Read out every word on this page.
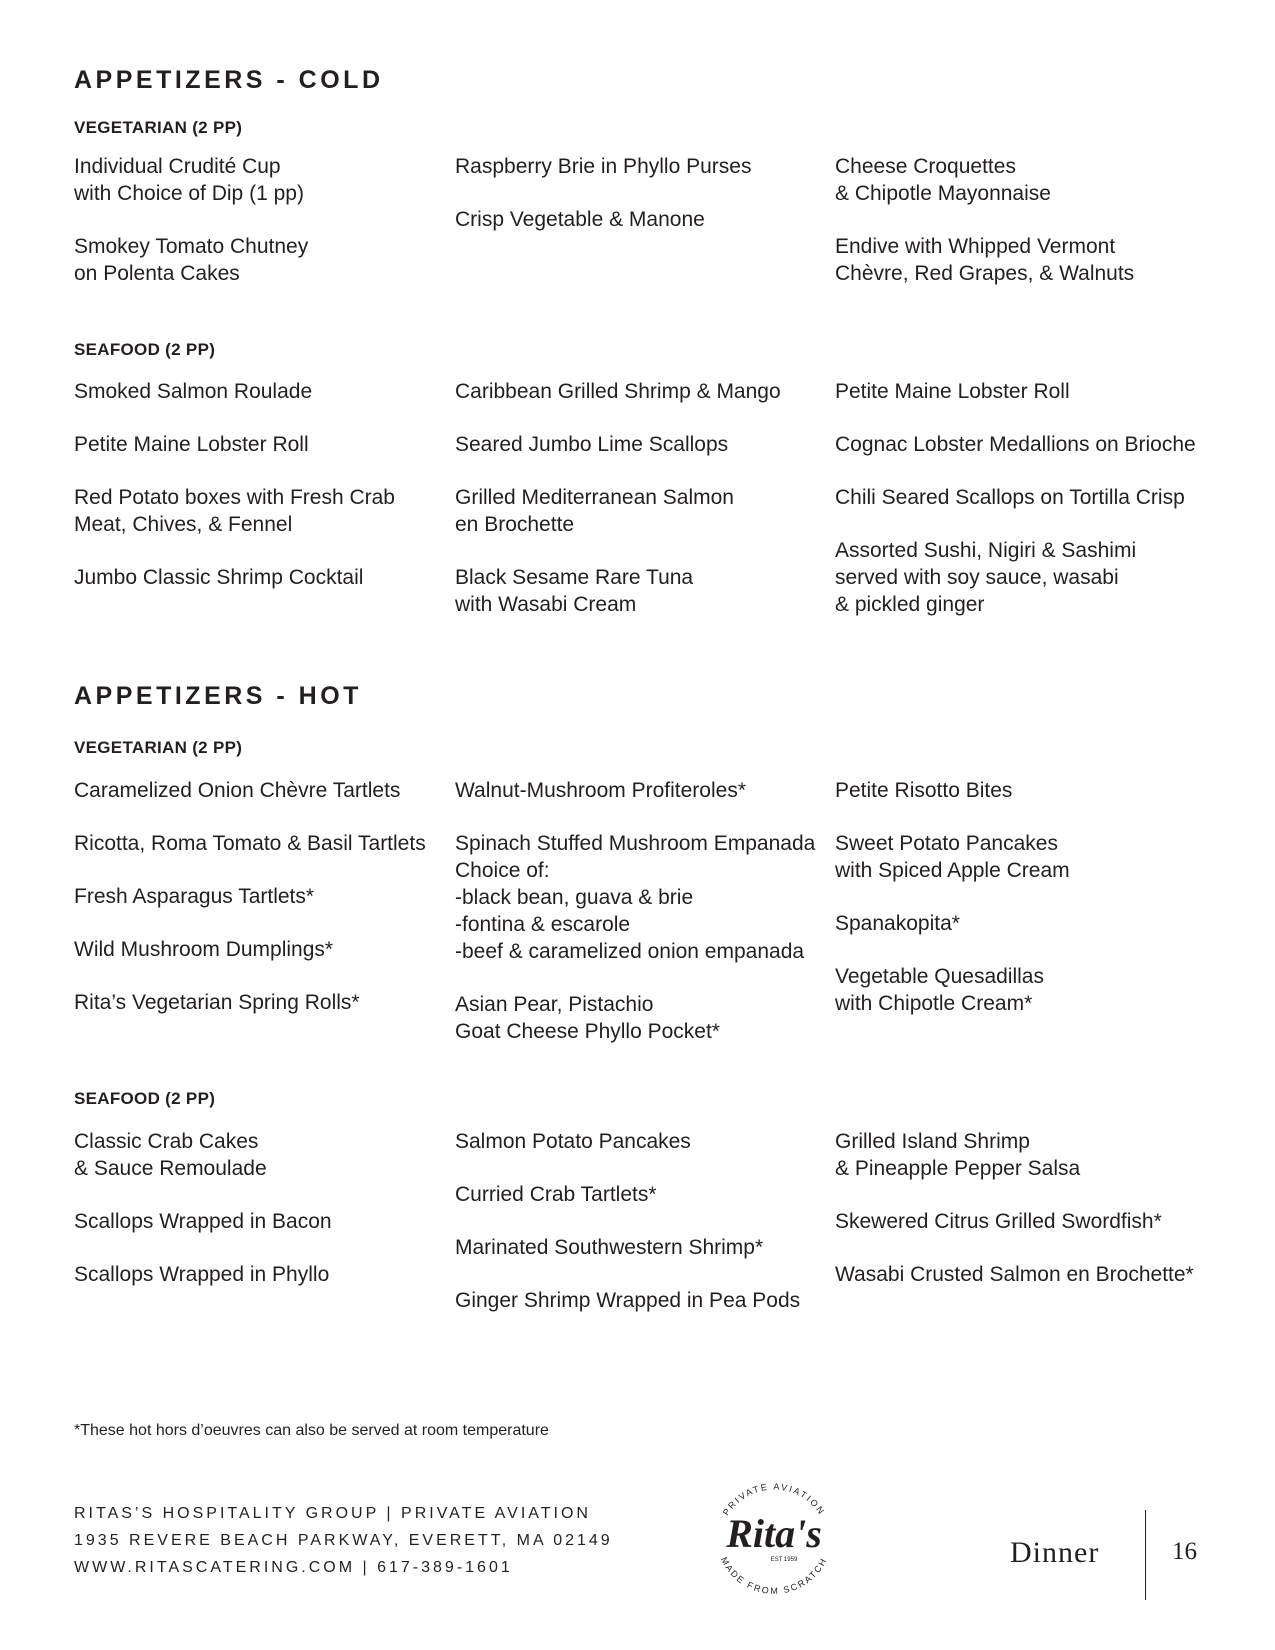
APPETIZERS - COLD
VEGETARIAN (2 PP)

Individual Crudité Cup
with Choice of Dip (1 pp)

Smokey Tomato Chutney
on Polenta Cakes

Raspberry Brie in Phyllo Purses

Crisp Vegetable & Manone

Cheese Croquettes
& Chipotle Mayonnaise

Endive with Whipped Vermont
Chèvre, Red Grapes, & Walnuts

SEAFOOD (2 PP)

Smoked Salmon Roulade

Petite Maine Lobster Roll

Red Potato boxes with Fresh Crab
Meat, Chives, & Fennel

Jumbo Classic Shrimp Cocktail

Caribbean Grilled Shrimp & Mango

Seared Jumbo Lime Scallops

Grilled Mediterranean Salmon
en Brochette

Black Sesame Rare Tuna
with Wasabi Cream

Petite Maine Lobster Roll

Cognac Lobster Medallions on Brioche

Chili Seared Scallops on Tortilla Crisp

Assorted Sushi, Nigiri & Sashimi
served with soy sauce, wasabi
& pickled ginger

APPETIZERS - HOT
VEGETARIAN (2 PP)

Caramelized Onion Chèvre Tartlets

Ricotta, Roma Tomato & Basil Tartlets

Fresh Asparagus Tartlets*

Wild Mushroom Dumplings*

Rita’s Vegetarian Spring Rolls*

Walnut-Mushroom Profiteroles*

Spinach Stuffed Mushroom Empanada
Choice of:
-black bean, guava & brie
-fontina & escarole
-beef & caramelized onion empanada

Asian Pear, Pistachio
Goat Cheese Phyllo Pocket*

Petite Risotto Bites

Sweet Potato Pancakes
with Spiced Apple Cream

Spanakopita*

Vegetable Quesadillas
with Chipotle Cream*

SEAFOOD (2 PP)

Classic Crab Cakes
& Sauce Remoulade

Scallops Wrapped in Bacon

Scallops Wrapped in Phyllo

Salmon Potato Pancakes

Curried Crab Tartlets*

Marinated Southwestern Shrimp*

Ginger Shrimp Wrapped in Pea Pods

Grilled Island Shrimp
& Pineapple Pepper Salsa

Skewered Citrus Grilled Swordfish*

Wasabi Crusted Salmon en Brochette*

*These hot hors d’oeuvres can also be served at room temperature

RITAS’S HOSPITALITY GROUP | PRIVATE AVIATION

1935 REVERE BEACH PARKWAY, EVERETT, MA 02149

WWW.RITASCATERING.COM | 617-389-1601

PRIVATE AVIATION
Rita's
EST 1959
MADE FROM SCRATCH	Dinner	16
